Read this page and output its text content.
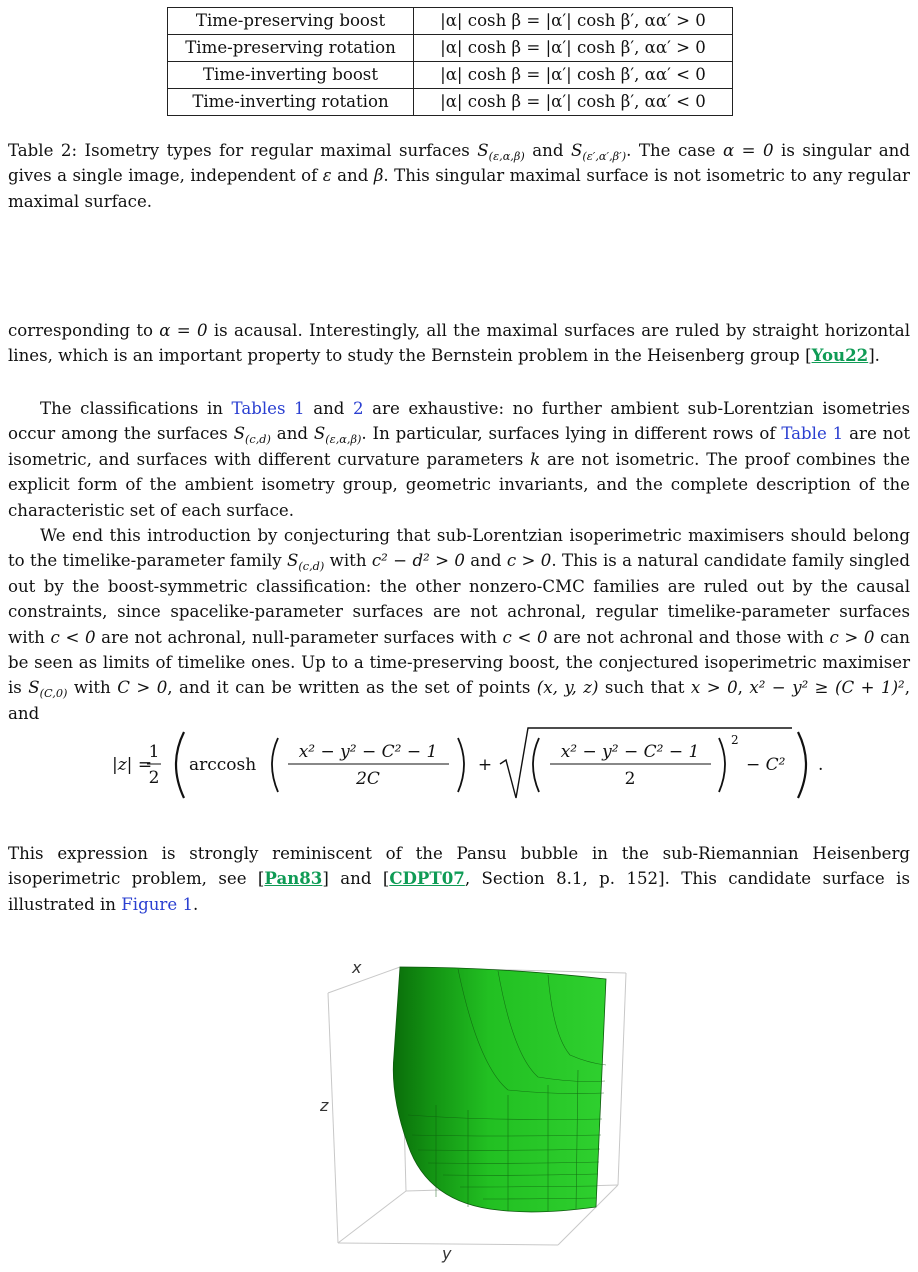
Time-preserving boost	|α| cosh β = |α′| cosh β′, αα′ > 0
Time-preserving rotation	|α| cosh β = |α′| cosh β′, αα′ > 0
Time-inverting boost	|α| cosh β = |α′| cosh β′, αα′ < 0
Time-inverting rotation	|α| cosh β = |α′| cosh β′, αα′ < 0
Table 2: Isometry types for regular maximal surfaces $S_{(\varepsilon,\alpha,\beta)}$ and $S_{(\varepsilon',\alpha',\beta')}$. The case α = 0 is singular and gives a single image, independent of ε and β. This singular maximal surface is not isometric to any regular maximal surface.
corresponding to α = 0 is acausal. Interestingly, all the maximal surfaces are ruled by straight horizontal lines, which is an important property to study the Bernstein problem in the Heisenberg group [You22].
The classifications in Tables 1 and 2 are exhaustive: no further ambient sub-Lorentzian isometries occur among the surfaces $S_{(c,d)}$ and $S_{(\varepsilon,\alpha,\beta)}$. In particular, surfaces lying in different rows of Table 1 are not isometric, and surfaces with different curvature parameters k are not isometric. The proof combines the explicit form of the ambient isometry group, geometric invariants, and the complete description of the characteristic set of each surface.
We end this introduction by conjecturing that sub-Lorentzian isoperimetric maximisers should belong to the timelike-parameter family $S_{(c,d)}$ with c² − d² > 0 and c > 0. This is a natural candidate family singled out by the boost-symmetric classification: the other nonzero-CMC families are ruled out by the causal constraints, since spacelike-parameter surfaces are not achronal, regular timelike-parameter surfaces with c < 0 are not achronal, null-parameter surfaces with c < 0 are not achronal and those with c > 0 can be seen as limits of timelike ones. Up to a time-preserving boost, the conjectured isoperimetric maximiser is $S_{(C,0)}$ with C > 0, and it can be written as the set of points (x, y, z) such that x > 0, x² − y² ≥ (C + 1)², and
|z| =
1
2
arccosh
x² − y² − C² − 1
2C
+
x² − y² − C² − 1
2
2
− C² .
This expression is strongly reminiscent of the Pansu bubble in the sub-Riemannian Heisenberg isoperimetric problem, see [Pan83] and [CDPT07, Section 8.1, p. 152]. This candidate surface is illustrated in Figure 1.
x
z
y
